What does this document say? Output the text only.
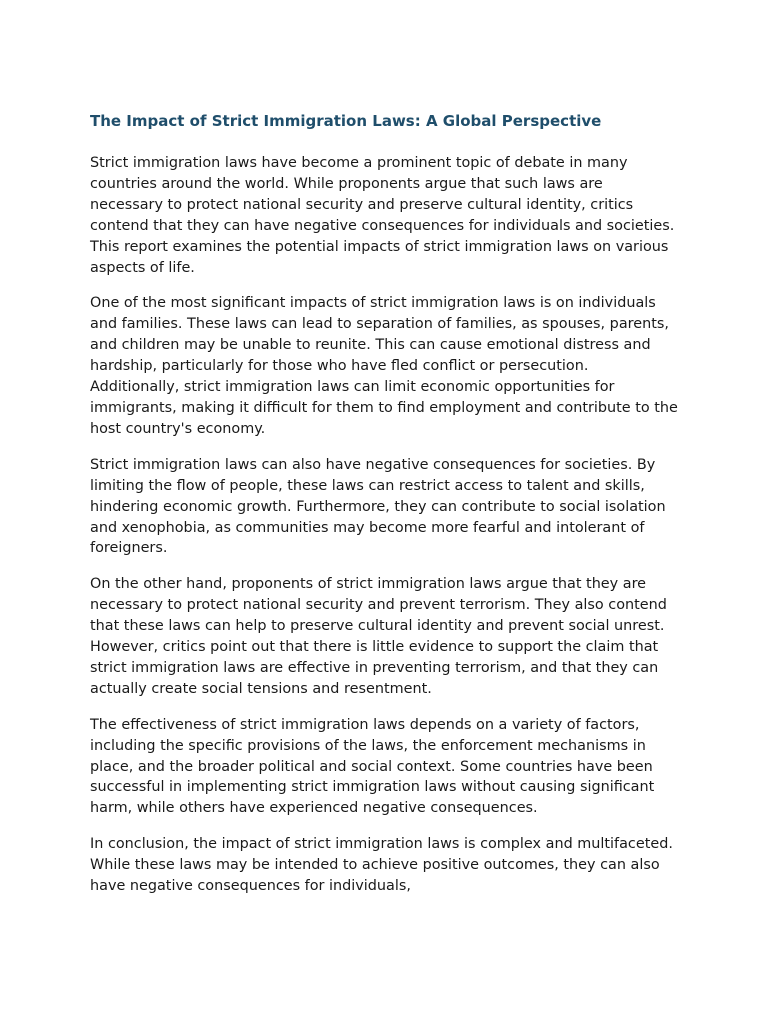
The Impact of Strict Immigration Laws: A Global Perspective

Strict immigration laws have become a prominent topic of debate in many countries around the world. While proponents argue that such laws are necessary to protect national security and preserve cultural identity, critics contend that they can have negative consequences for individuals and societies. This report examines the potential impacts of strict immigration laws on various aspects of life.

One of the most significant impacts of strict immigration laws is on individuals and families. These laws can lead to separation of families, as spouses, parents, and children may be unable to reunite. This can cause emotional distress and hardship, particularly for those who have fled conflict or persecution. Additionally, strict immigration laws can limit economic opportunities for immigrants, making it difficult for them to find employment and contribute to the host country's economy.

Strict immigration laws can also have negative consequences for societies. By limiting the flow of people, these laws can restrict access to talent and skills, hindering economic growth. Furthermore, they can contribute to social isolation and xenophobia, as communities may become more fearful and intolerant of foreigners.

On the other hand, proponents of strict immigration laws argue that they are necessary to protect national security and prevent terrorism. They also contend that these laws can help to preserve cultural identity and prevent social unrest. However, critics point out that there is little evidence to support the claim that strict immigration laws are effective in preventing terrorism, and that they can actually create social tensions and resentment.

The effectiveness of strict immigration laws depends on a variety of factors, including the specific provisions of the laws, the enforcement mechanisms in place, and the broader political and social context. Some countries have been successful in implementing strict immigration laws without causing significant harm, while others have experienced negative consequences.

In conclusion, the impact of strict immigration laws is complex and multifaceted. While these laws may be intended to achieve positive outcomes, they can also have negative consequences for individuals,
